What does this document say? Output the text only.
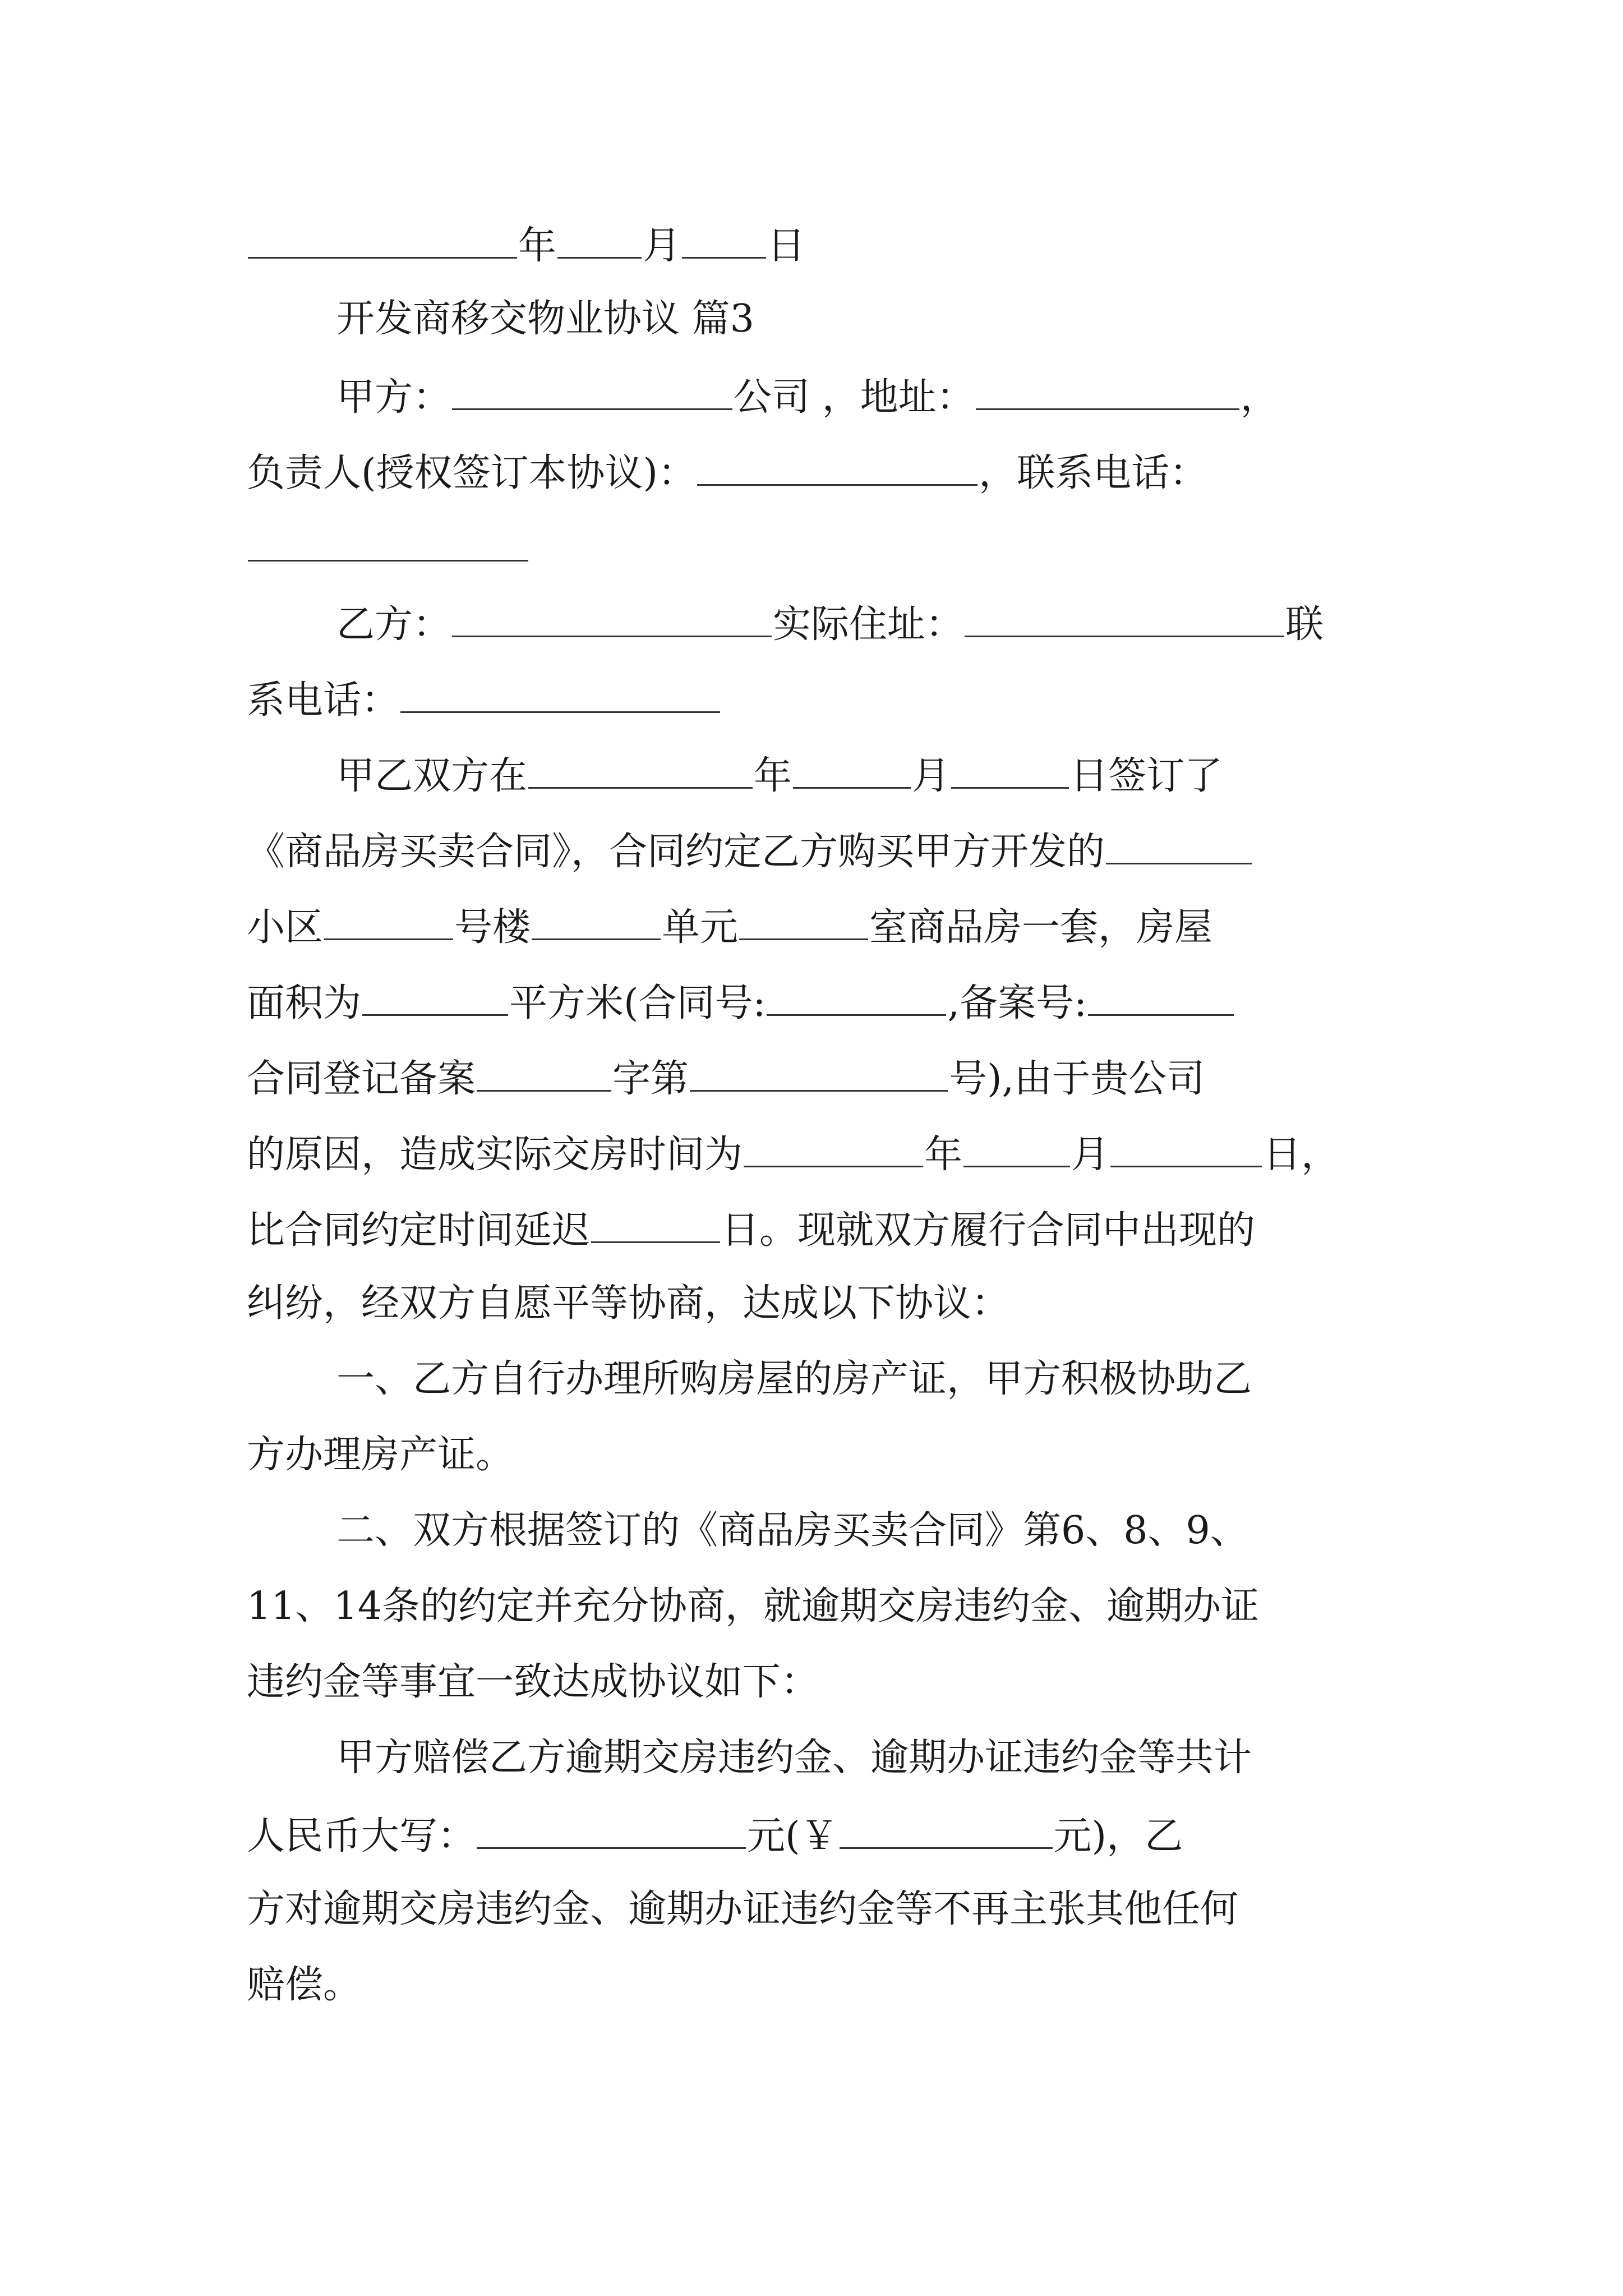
年 月 日
开发商移交物业协议 篇3
甲方：	公司 ，地址：	，
负责人(授权签订本协议)：	，联系电话：
乙方：	实际住址：	联
系电话：
甲乙双方在	年	月	日签订了
《商品房买卖合同》，合同约定乙方购买甲方开发的
小区	号楼	单元	室商品房一套，房屋
面积为	平方米(合同号:	,备案号:
合同登记备案	字第	号),由于贵公司
的原因，造成实际交房时间为	年	月	日，
比合同约定时间延迟	日。现就双方履行合同中出现的
纠纷，经双方自愿平等协商，达成以下协议：
一、乙方自行办理所购房屋的房产证，甲方积极协助乙
方办理房产证。
二、双方根据签订的《商品房买卖合同》第6、8、9、
11、14条的约定并充分协商，就逾期交房违约金、逾期办证
违约金等事宜一致达成协议如下：
甲方赔偿乙方逾期交房违约金、逾期办证违约金等共计
人民币大写：	元(￥	元)，乙
方对逾期交房违约金、逾期办证违约金等不再主张其他任何
赔偿。
